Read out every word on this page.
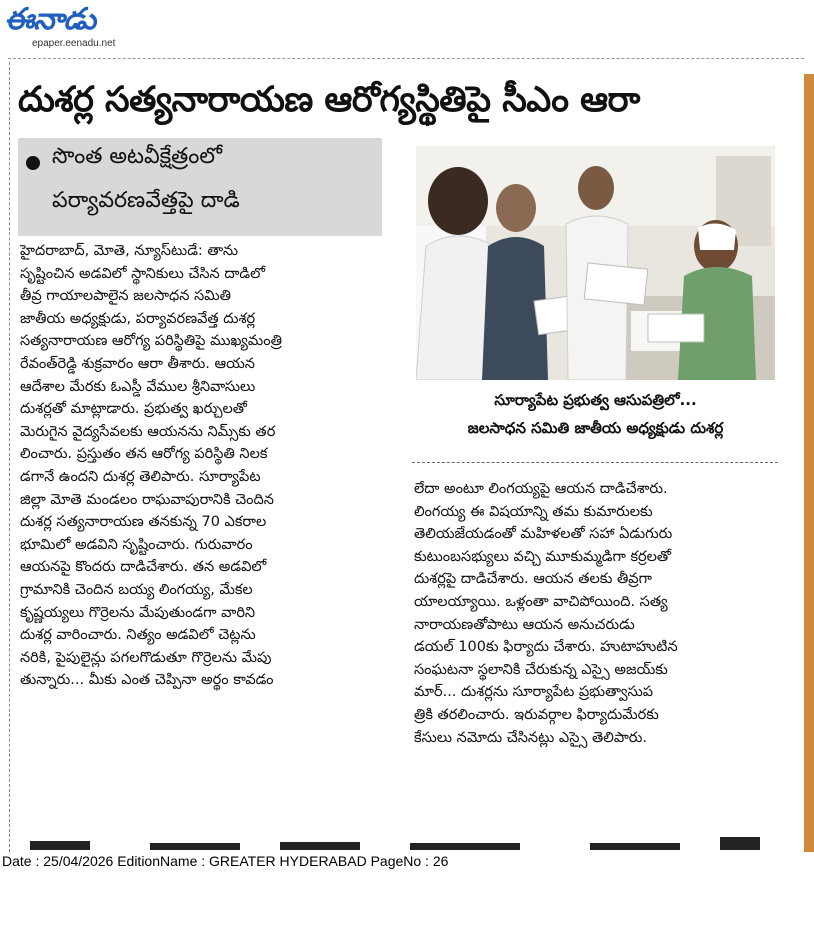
ఈనాడు
epaper.eenadu.net
దుశర్ల సత్యనారాయణ ఆరోగ్యస్థితిపై సీఎం ఆరా
సొంత అటవీక్షేత్రంలో
పర్యావరణవేత్తపై దాడి
హైదరాబాద్, మోతె, న్యూస్‌టుడే: తాను
సృష్టించిన అడవిలో స్థానికులు చేసిన దాడిలో
తీవ్ర గాయాలపాలైన జలసాధన సమితి
జాతీయ అధ్యక్షుడు, పర్యావరణవేత్త దుశర్ల
సత్యనారాయణ ఆరోగ్య పరిస్థితిపై ముఖ్యమంత్రి
రేవంత్‌రెడ్డి శుక్రవారం ఆరా తీశారు. ఆయన
ఆదేశాల మేరకు ఓఎస్డీ వేముల శ్రీనివాసులు
దుశర్లతో మాట్లాడారు. ప్రభుత్వ ఖర్చులతో
మెరుగైన వైద్యసేవలకు ఆయనను నిమ్స్‌కు తర
లించారు. ప్రస్తుతం తన ఆరోగ్య పరిస్థితి నిలక
డగానే ఉందని దుశర్ల తెలిపారు. సూర్యాపేట
జిల్లా మోతె మండలం రాఘవాపురానికి చెందిన
దుశర్ల సత్యనారాయణ తనకున్న 70 ఎకరాల
భూమిలో అడవిని సృష్టించారు. గురువారం
ఆయనపై కొందరు దాడిచేశారు. తన అడవిలో
గ్రామానికి చెందిన బయ్య లింగయ్య, మేకల
కృష్ణయ్యలు గొర్రెలను మేపుతుండగా వారిని
దుశర్ల వారించారు. నిత్యం అడవిలో చెట్లను
నరికి, పైపులైన్లు పగలగొడుతూ గొర్రెలను మేపు
తున్నారు... మీకు ఎంత చెప్పినా అర్థం కావడం
సూర్యాపేట ప్రభుత్వ ఆసుపత్రిలో...
జలసాధన సమితి జాతీయ అధ్యక్షుడు దుశర్ల
లేదా అంటూ లింగయ్యపై ఆయన దాడిచేశారు.
లింగయ్య ఈ విషయాన్ని తమ కుమారులకు
తెలియజేయడంతో మహిళలతో సహా ఏడుగురు
కుటుంబసభ్యులు వచ్చి మూకుమ్మడిగా కర్రలతో
దుశర్లపై దాడిచేశారు. ఆయన తలకు తీవ్రగా
యాలయ్యాయి. ఒళ్లంతా వాచిపోయింది. సత్య
నారాయణతోపాటు ఆయన అనుచరుడు
డయల్ 100కు ఫిర్యాదు చేశారు. హుటాహుటిన
సంఘటనా స్థలానికి చేరుకున్న ఎస్సై అజయ్‌కు
మార్... దుశర్లను సూర్యాపేట ప్రభుత్వాసుప
త్రికి తరలించారు. ఇరువర్గాల ఫిర్యాదుమేరకు
కేసులు నమోదు చేసినట్లు ఎస్సై తెలిపారు.
Date : 25/04/2026 EditionName : GREATER HYDERABAD PageNo : 26
